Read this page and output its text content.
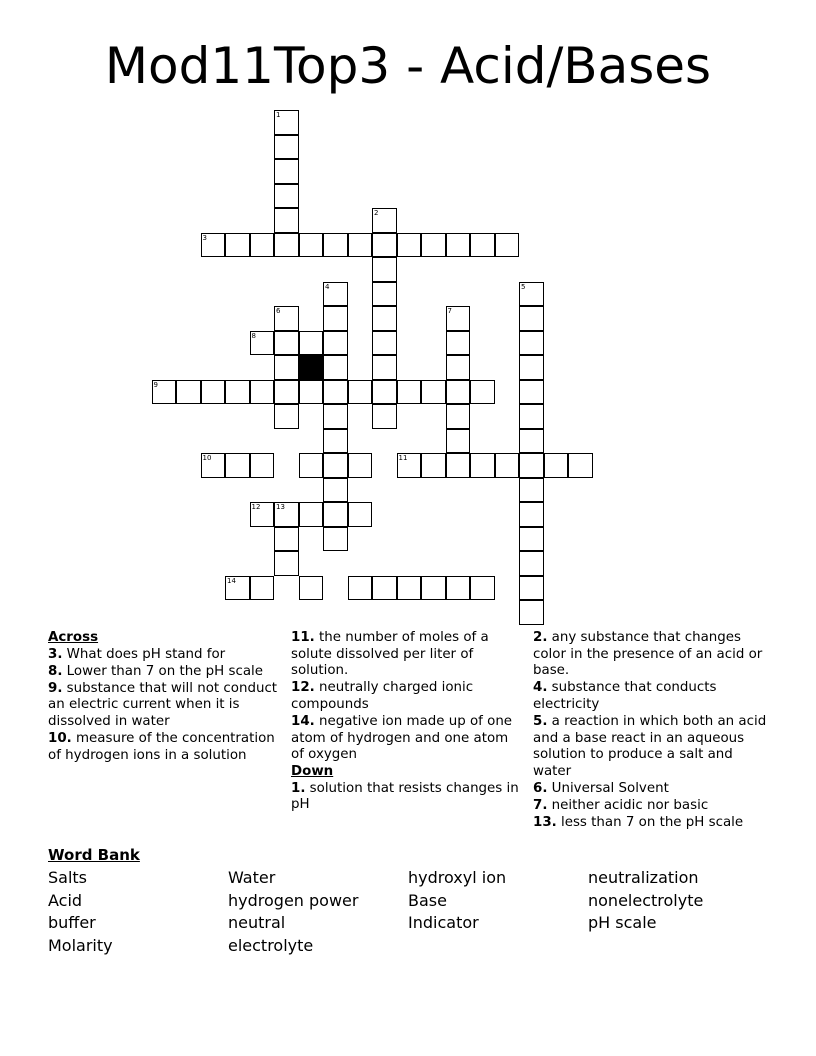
Mod11Top3 - Acid/Bases
1
2
3
4	5
6	7
8
9
10	11
12 13
14
Across
3. What does pH stand for
8. Lower than 7 on the pH scale
9. substance that will not conduct an electric current when it is dissolved in water
10. measure of the concentration of hydrogen ions in a solution
11. the number of moles of a solute dissolved per liter of solution.
12. neutrally charged ionic compounds
14. negative ion made up of one atom of hydrogen and one atom of oxygen
Down
1. solution that resists changes in pH
2. any substance that changes color in the presence of an acid or base.
4. substance that conducts electricity
5. a reaction in which both an acid and a base react in an aqueous solution to produce a salt and water
6. Universal Solvent
7. neither acidic nor basic
13. less than 7 on the pH scale
Word Bank
Salts	Water	hydroxyl ion	neutralization
Acid	hydrogen power	Base	nonelectrolyte
buffer	neutral	Indicator	pH scale
Molarity	electrolyte
